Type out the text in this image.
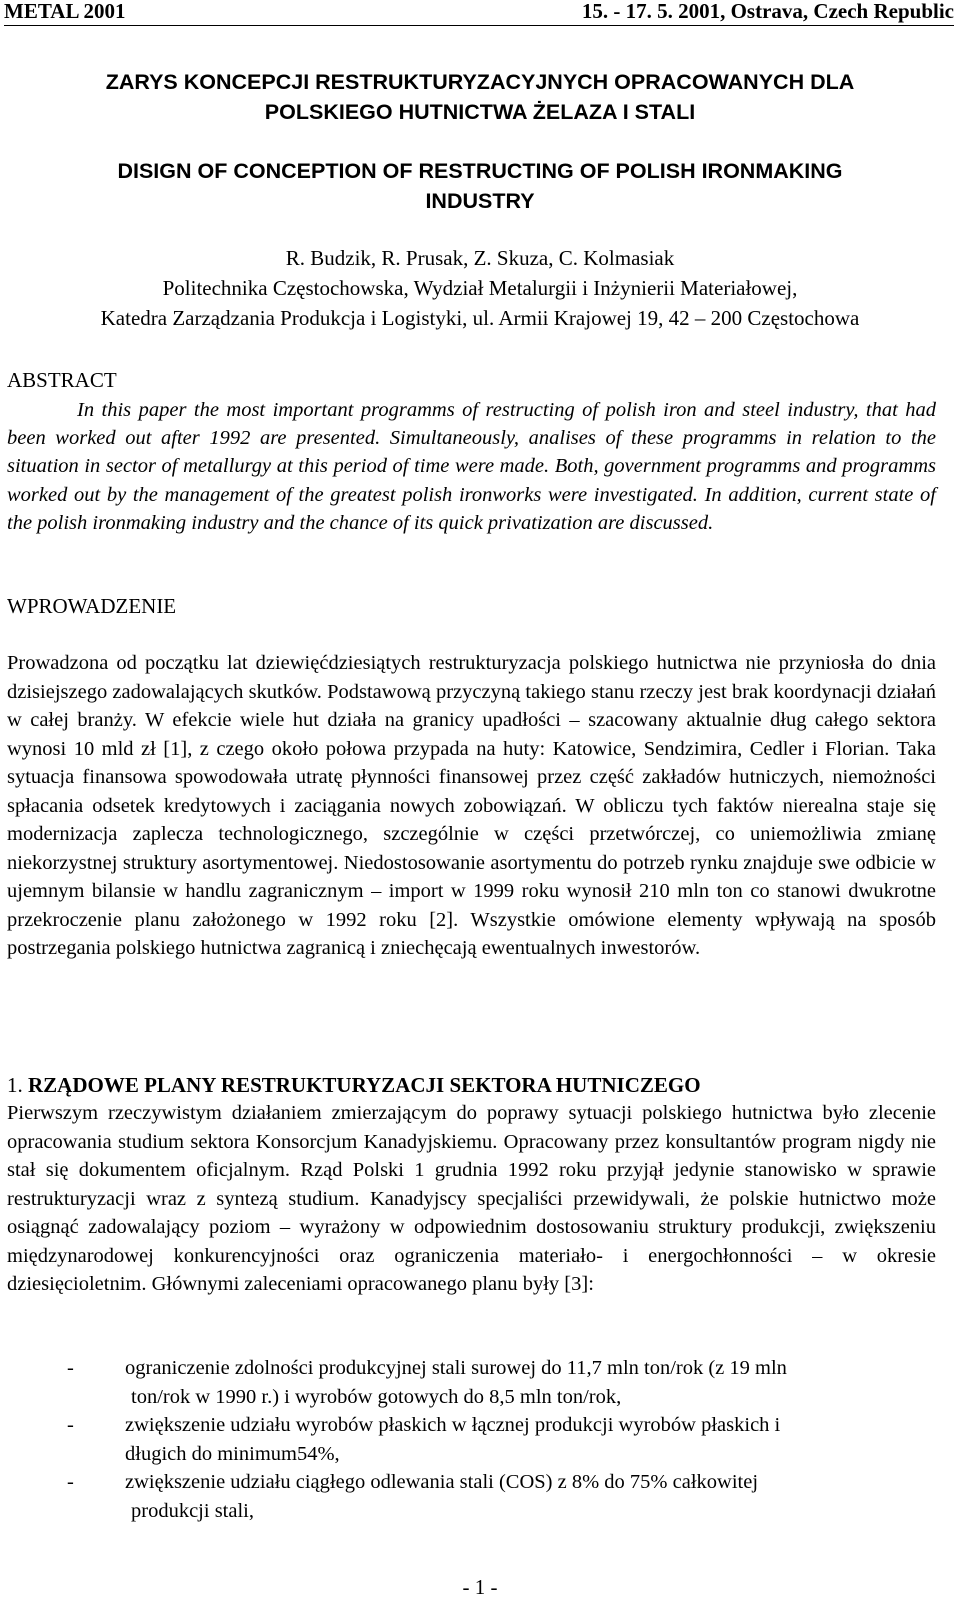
METAL 2001	15. - 17. 5. 2001, Ostrava, Czech Republic
ZARYS KONCEPCJI RESTRUKTURYZACYJNYCH OPRACOWANYCH DLA
POLSKIEGO HUTNICTWA ŻELAZA I STALI
DISIGN OF CONCEPTION OF RESTRUCTING OF POLISH IRONMAKING
INDUSTRY
R. Budzik, R. Prusak, Z. Skuza, C. Kolmasiak
Politechnika Częstochowska, Wydział Metalurgii i Inżynierii Materiałowej,
Katedra Zarządzania Produkcja i Logistyki, ul. Armii Krajowej 19, 42 – 200 Częstochowa
ABSTRACT
In this paper the most important programms of restructing of polish iron and steel industry, that had been worked out after 1992 are presented. Simultaneously, analises of these programms in relation to the situation in sector of metallurgy at this period of time were made. Both, government programms and programms worked out by the management of the greatest polish ironworks were investigated. In addition, current state of the polish ironmaking industry and the chance of its quick privatization are discussed.
WPROWADZENIE
Prowadzona od początku lat dziewięćdziesiątych restrukturyzacja polskiego hutnictwa nie przyniosła do dnia dzisiejszego zadowalających skutków. Podstawową przyczyną takiego stanu rzeczy jest brak koordynacji działań w całej branży. W efekcie wiele hut działa na granicy upadłości – szacowany aktualnie dług całego sektora wynosi 10 mld zł [1], z czego około połowa przypada na huty: Katowice, Sendzimira, Cedler i Florian. Taka sytuacja finansowa spowodowała utratę płynności finansowej przez część zakładów hutniczych, niemożności spłacania odsetek kredytowych i zaciągania nowych zobowiązań. W obliczu tych faktów nierealna staje się modernizacja zaplecza technologicznego, szczególnie w części przetwórczej, co uniemożliwia zmianę niekorzystnej struktury asortymentowej. Niedostosowanie asortymentu do potrzeb rynku znajduje swe odbicie w ujemnym bilansie w handlu zagranicznym – import w 1999 roku wynosił 210 mln ton co stanowi dwukrotne przekroczenie planu założonego w 1992 roku [2]. Wszystkie omówione elementy wpływają na sposób postrzegania polskiego hutnictwa zagranicą i zniechęcają ewentualnych inwestorów.
1. RZĄDOWE PLANY RESTRUKTURYZACJI SEKTORA HUTNICZEGO
Pierwszym rzeczywistym działaniem zmierzającym do poprawy sytuacji polskiego hutnictwa było zlecenie opracowania studium sektora Konsorcjum Kanadyjskiemu. Opracowany przez konsultantów program nigdy nie stał się dokumentem oficjalnym. Rząd Polski 1 grudnia 1992 roku przyjął jedynie stanowisko w sprawie restrukturyzacji wraz z syntezą studium. Kanadyjscy specjaliści przewidywali, że polskie hutnictwo może osiągnąć zadowalający poziom – wyrażony w odpowiednim dostosowaniu struktury produkcji, zwiększeniu międzynarodowej konkurencyjności oraz ograniczenia materiało- i energochłonności – w okresie dziesięcioletnim. Głównymi zaleceniami opracowanego planu były [3]:
-	ograniczenie zdolności produkcyjnej stali surowej do 11,7 mln ton/rok (z 19 mln
ton/rok w 1990 r.) i wyrobów gotowych do 8,5 mln ton/rok,
-	zwiększenie udziału wyrobów płaskich w łącznej produkcji wyrobów płaskich i
długich do minimum54%,
-	zwiększenie udziału ciągłego odlewania stali (COS) z 8% do 75% całkowitej
produkcji stali,
- 1 -
